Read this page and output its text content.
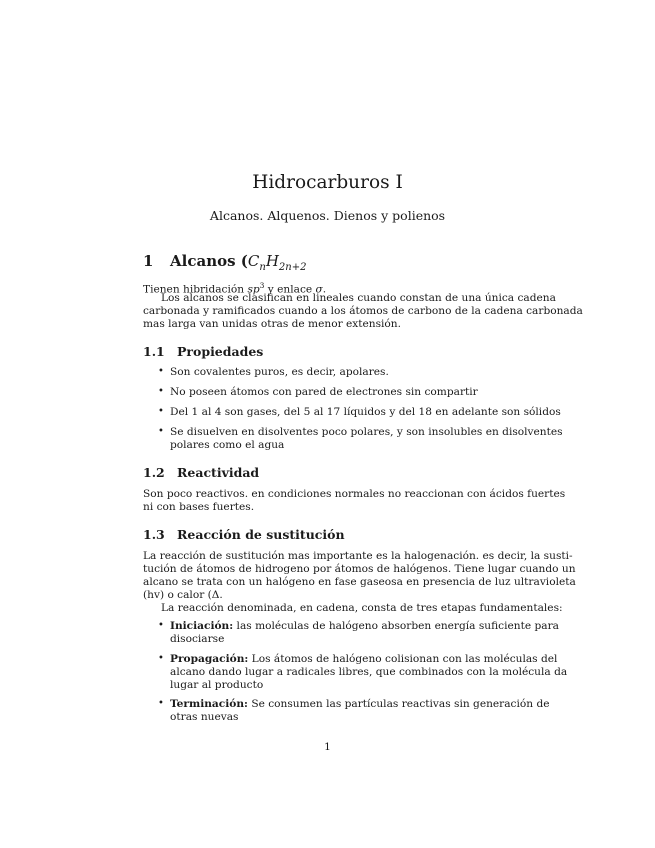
Hidrocarburos I
Alcanos. Alquenos. Dienos y polienos
1 Alcanos ($C_nH_{2n+2}$
Tienen hibridación $sp^3$ y enlace σ.
Los alcanos se clasifican en lineales cuando constan de una única cadena
carbonada y ramificados cuando a los átomos de carbono de la cadena carbonada
mas larga van unidas otras de menor extensión.
1.1 Propiedades
• Son covalentes puros, es decir, apolares.
• No poseen átomos con pared de electrones sin compartir
• Del 1 al 4 son gases, del 5 al 17 líquidos y del 18 en adelante son sólidos
• Se disuelven en disolventes poco polares, y son insolubles en disolventes
polares como el agua
1.2 Reactividad
Son poco reactivos. en condiciones normales no reaccionan con ácidos fuertes
ni con bases fuertes.
1.3 Reacción de sustitución
La reacción de sustitución mas importante es la halogenación. es decir, la susti-
tución de átomos de hidrogeno por átomos de halógenos. Tiene lugar cuando un
alcano se trata con un halógeno en fase gaseosa en presencia de luz ultravioleta
(hv) o calor (Δ.
La reacción denominada, en cadena, consta de tres etapas fundamentales:
• Iniciación: las moléculas de halógeno absorben energía suficiente para
disociarse
• Propagación: Los átomos de halógeno colisionan con las moléculas del
alcano dando lugar a radicales libres, que combinados con la molécula da
lugar al producto
• Terminación: Se consumen las partículas reactivas sin generación de
otras nuevas
1
